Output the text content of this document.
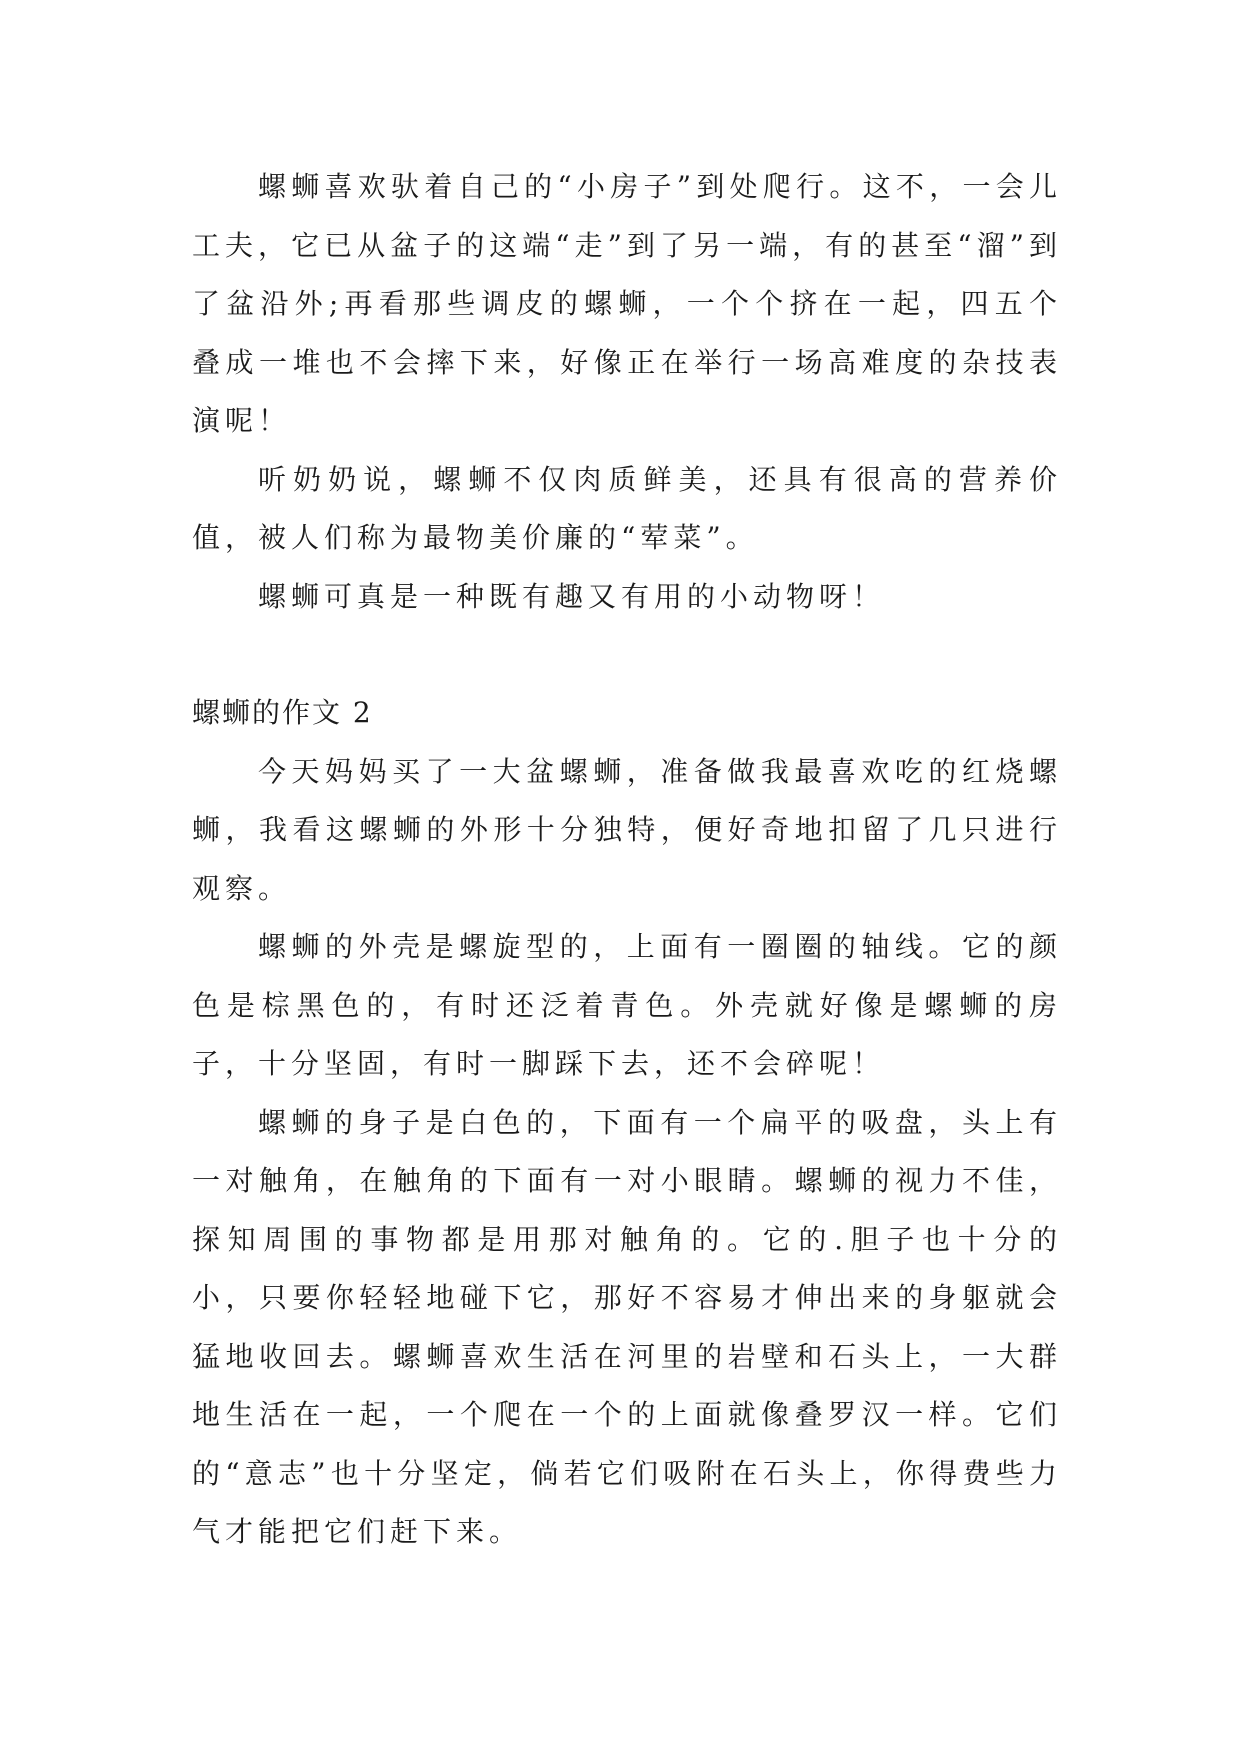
螺蛳喜欢驮着自己的“小房子”到处爬行。这不，一会儿工夫，它已从盆子的这端“走”到了另一端，有的甚至“溜”到了盆沿外;再看那些调皮的螺蛳，一个个挤在一起，四五个叠成一堆也不会摔下来，好像正在举行一场高难度的杂技表演呢！

听奶奶说，螺蛳不仅肉质鲜美，还具有很高的营养价值，被人们称为最物美价廉的“荤菜”。

螺蛳可真是一种既有趣又有用的小动物呀！

螺蛳的作文 2

今天妈妈买了一大盆螺蛳，准备做我最喜欢吃的红烧螺蛳，我看这螺蛳的外形十分独特，便好奇地扣留了几只进行观察。

螺蛳的外壳是螺旋型的，上面有一圈圈的轴线。它的颜色是棕黑色的，有时还泛着青色。外壳就好像是螺蛳的房子，十分坚固，有时一脚踩下去，还不会碎呢！

螺蛳的身子是白色的，下面有一个扁平的吸盘，头上有一对触角，在触角的下面有一对小眼睛。螺蛳的视力不佳，探知周围的事物都是用那对触角的。它的.胆子也十分的小，只要你轻轻地碰下它，那好不容易才伸出来的身躯就会猛地收回去。螺蛳喜欢生活在河里的岩壁和石头上，一大群地生活在一起，一个爬在一个的上面就像叠罗汉一样。它们的“意志”也十分坚定，倘若它们吸附在石头上，你得费些力气才能把它们赶下来。
